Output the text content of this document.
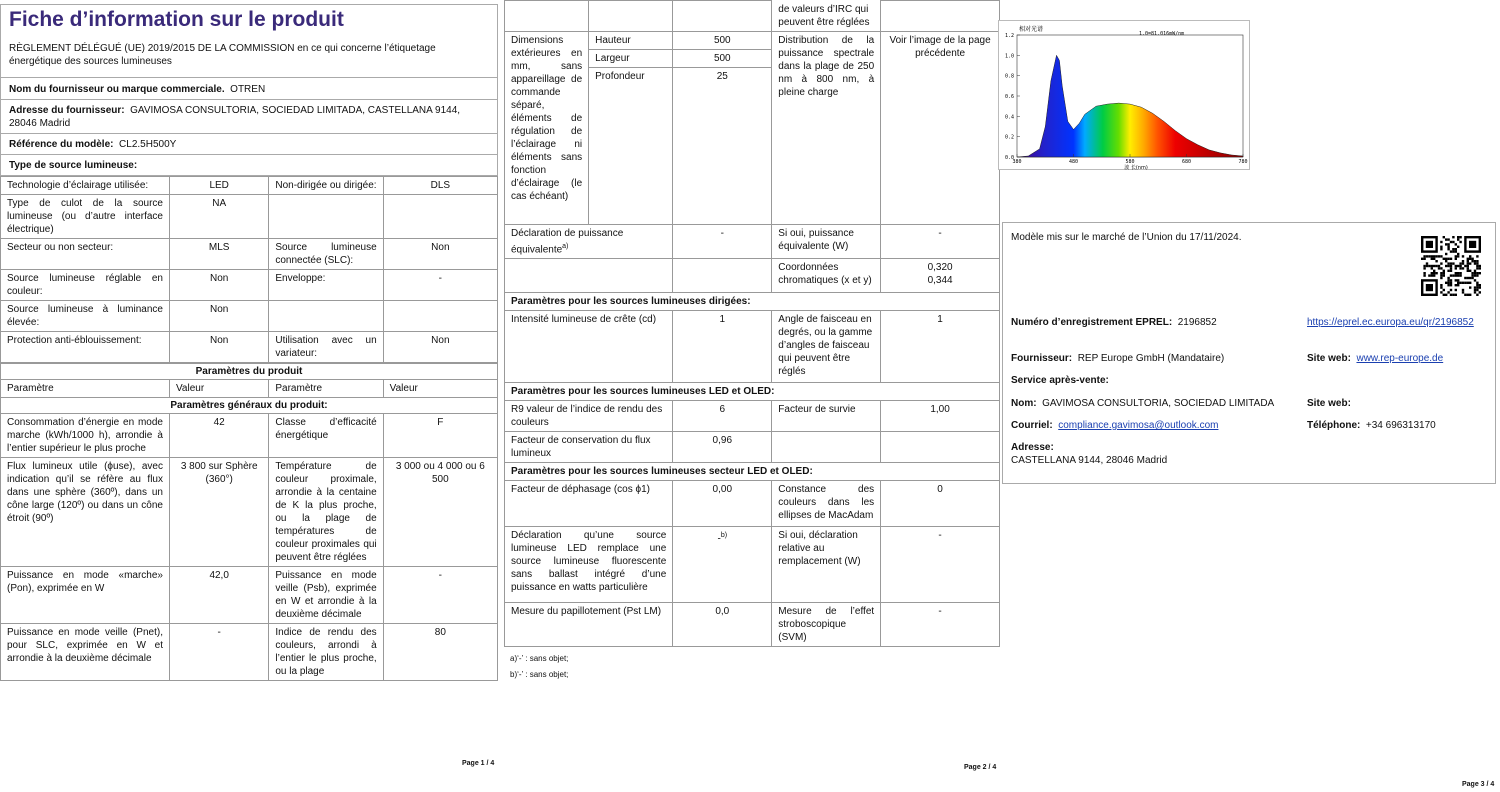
Fiche d’information sur le produit
RÈGLEMENT DÉLÉGUÉ (UE) 2019/2015 DE LA COMMISSION en ce qui concerne l’étiquetage énergétique des sources lumineuses
Nom du fournisseur ou marque commerciale. OTREN
Adresse du fournisseur: GAVIMOSA CONSULTORIA, SOCIEDAD LIMITADA, CASTELLANA 9144, 28046 Madrid
Référence du modèle: CL2.5H500Y
Type de source lumineuse:
Technologie d’éclairage utilisée:	LED	Non-dirigée ou dirigée:	DLS
Type de culot de la source lumineuse (ou d’autre interface électrique)	NA		
Secteur ou non secteur:	MLS	Source lumineuse connectée (SLC):	Non
Source lumineuse réglable en couleur:	Non	Enveloppe:	-
Source lumineuse à luminance élevée:	Non		
Protection anti-éblouissement:	Non	Utilisation avec un variateur:	Non
Paramètres du produit			
Paramètre	Valeur	Paramètre	Valeur
Paramètres généraux du produit:			
Consommation d’énergie en mode marche (kWh/1000 h), arrondie à l’entier supérieur le plus proche	42	Classe d’efficacité énergétique	F
Flux lumineux utile (ϕuse), avec indication qu’il se réfère au flux dans une sphère (360º), dans un cône large (120º) ou dans un cône étroit (90º)	3 800 sur Sphère (360°)	Température de couleur proximale, arrondie à la centaine de K la plus proche, ou la plage de températures de couleur proximales qui peuvent être réglées	3 000 ou 4 000 ou 6 500
Puissance en mode «marche» (Pon), exprimée en W	42,0	Puissance en mode veille (Psb), exprimée en W et arrondie à la deuxième décimale	-
Puissance en mode veille (Pnet), pour SLC, exprimée en W et arrondie à la deuxième décimale	-	Indice de rendu des couleurs, arrondi à l’entier le plus proche, ou la plage	80
Page 1 / 4
			de valeurs d’IRC qui peuvent être réglées	
Dimensions extérieures en mm, sans appareillage de commande séparé, éléments de régulation de l’éclairage ni éléments sans fonction d’éclairage (le cas échéant)	Hauteur	500	Distribution de la puissance spectrale dans la plage de 250 nm à 800 nm, à pleine charge	Voir l’image de la page précédente
	Largeur	500		
	Profondeur	25		
Déclaration de puissance équivalente$^{a)}$		-	Si oui, puissance équivalente (W)	-
			Coordonnées chromatiques (x et y)	0,320
0,344

Paramètres pour les sources lumineuses dirigées:				
Intensité lumineuse de crête (cd)		1	Angle de faisceau en degrés, ou la gamme d’angles de faisceau qui peuvent être réglés	1
Paramètres pour les sources lumineuses LED et OLED:				
R9 valeur de l’indice de rendu des couleurs		6	Facteur de survie	1,00
Facteur de conservation du flux lumineux		0,96		
Paramètres pour les sources lumineuses secteur LED et OLED:				
Facteur de déphasage (cos ϕ1)		0,00	Constance des couleurs dans les ellipses de MacAdam	0
Déclaration qu’une source lumineuse LED remplace une source lumineuse fluorescente sans ballast intégré d’une puissance en watts particulière		-$^{b)}$	Si oui, déclaration relative au remplacement (W)	-
Mesure du papillotement (Pst LM)		0,0	Mesure de l’effet stroboscopique (SVM)	-
a)‘-’ : sans objet;
b)‘-’ : sans objet;
Page 2 / 4
相对光谱
1.0=81.016mW/nm
1.2
1.0
0.8
0.6
0.4
0.2
0.0
380	480	580	680	780
波 长(nm)
Modèle mis sur le marché de l’Union du 17/11/2024.
Numéro d’enregistrement EPREL: 2196852	https://eprel.ec.europa.eu/qr/2196852
Fournisseur: REP Europe GmbH (Mandataire)	Site web: www.rep-europe.de
Service après-vente:
Nom: GAVIMOSA CONSULTORIA, SOCIEDAD LIMITADA	Site web:
Courriel: compliance.gavimosa@outlook.com	Téléphone: +34 696313170
Adresse:
CASTELLANA 9144, 28046 Madrid
Page 3 / 4
